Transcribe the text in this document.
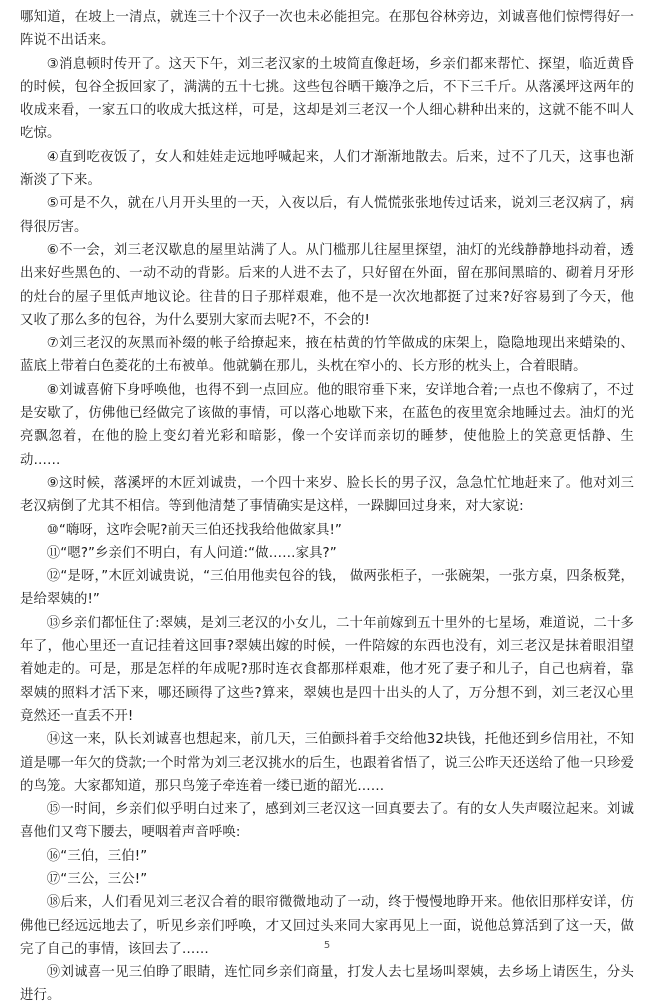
哪知道，在坡上一清点，就连三十个汉子一次也未必能担完。在那包谷林旁边，刘诚喜他们惊愕得好一阵说不出话来。

③消息顿时传开了。这天下午，刘三老汉家的土坡简直像赶场，乡亲们都来帮忙、探望，临近黄昏的时候，包谷全扳回家了，满满的五十七挑。这些包谷晒干簸净之后，不下三千斤。从落溪坪这两年的收成来看，一家五口的收成大抵这样，可是，这却是刘三老汉一个人细心耕种出来的，这就不能不叫人吃惊。

④直到吃夜饭了，女人和娃娃走远地呼喊起来，人们才渐渐地散去。后来，过不了几天，这事也渐渐淡了下来。

⑤可是不久，就在八月开头里的一天，入夜以后，有人慌慌张张地传过话来，说刘三老汉病了，病得很厉害。

⑥不一会，刘三老汉歇息的屋里站满了人。从门槛那儿往屋里探望，油灯的光线静静地抖动着，透出来好些黑色的、一动不动的背影。后来的人进不去了，只好留在外面，留在那间黑暗的、砌着月牙形的灶台的屋子里低声地议论。往昔的日子那样艰难，他不是一次次地都挺了过来?好容易到了今天，他又收了那么多的包谷，为什么要别大家而去呢?不，不会的!

⑦刘三老汉的灰黑而补缀的帐子给撩起来，掖在枯黄的竹竿做成的床架上，隐隐地现出来蜡染的、蓝底上带着白色菱花的土布被单。他就躺在那儿，头枕在窄小的、长方形的枕头上，合着眼睛。

⑧刘诚喜俯下身呼唤他，也得不到一点回应。他的眼帘垂下来，安详地合着;一点也不像病了，不过是安歇了，仿佛他已经做完了该做的事情，可以落心地歇下来，在蓝色的夜里宽余地睡过去。油灯的光亮飘忽着，在他的脸上变幻着光彩和暗影，像一个安详而亲切的睡梦，使他脸上的笑意更恬静、生动……

⑨这时候，落溪坪的木匠刘诚贵，一个四十来岁、脸长长的男子汉，急急忙忙地赶来了。他对刘三老汉病倒了尤其不相信。等到他清楚了事情确实是这样，一跺脚回过身来，对大家说:

⑩“嗨呀，这咋会呢?前天三伯还找我给他做家具!”

⑪“嗯?”乡亲们不明白，有人问道:“做……家具?”

⑫“是呀，”木匠刘诚贵说，“三伯用他卖包谷的钱， 做两张柜子，一张碗架，一张方桌，四条板凳，是给翠姨的!”

⑬乡亲们都怔住了:翠姨，是刘三老汉的小女儿，二十年前嫁到五十里外的七星场，难道说，二十多年了，他心里还一直记挂着这回事?翠姨出嫁的时候，一件陪嫁的东西也没有，刘三老汉是抹着眼泪望着她走的。可是，那是怎样的年成呢?那时连衣食都那样艰难，他才死了妻子和儿子，自己也病着，靠翠姨的照料才活下来，哪还顾得了这些?算来，翠姨也是四十出头的人了，万分想不到，刘三老汉心里竟然还一直丢不开!

⑭这一来，队长刘诚喜也想起来，前几天，三伯颤抖着手交给他32块钱，托他还到乡信用社，不知道是哪一年欠的贷款;一个时常为刘三老汉挑水的后生，也跟着省悟了，说三公昨天还送给了他一只珍爱的鸟笼。大家都知道，那只鸟笼子牵连着一缕已逝的韶光……

⑮一时间，乡亲们似乎明白过来了，感到刘三老汉这一回真要去了。有的女人失声啜泣起来。刘诚喜他们又弯下腰去，哽咽着声音呼唤:

⑯“三伯，三伯!”

⑰“三公，三公!”

⑱后来，人们看见刘三老汉合着的眼帘微微地动了一动，终于慢慢地睁开来。他依旧那样安详，仿佛他已经远远地去了，听见乡亲们呼唤，才又回过头来同大家再见上一面，说他总算活到了这一天，做完了自己的事情，该回去了……

⑲刘诚喜一见三伯睁了眼睛，连忙同乡亲们商量，打发人去七星场叫翠姨，去乡场上请医生，分头进行。

5
